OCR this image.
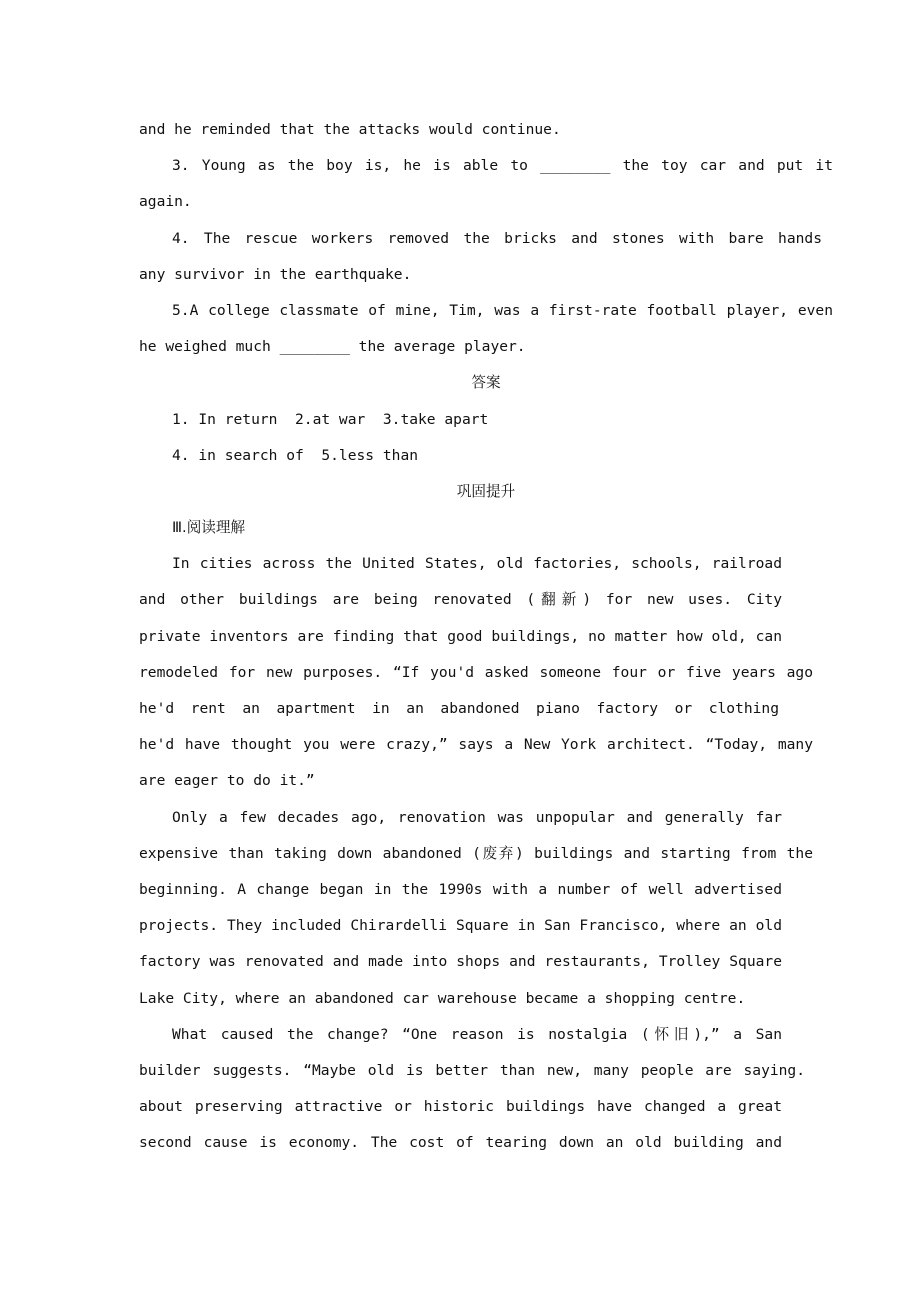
and he reminded that the attacks would continue.
3. Young as the boy is, he is able to ________ the toy car and put it
again.
4. The rescue workers removed the bricks and stones with bare hands
any survivor in the earthquake.
5.A college classmate of mine, Tim, was a first-rate football player, even
he weighed much ________ the average player.
答案
1. In return  2.at war  3.take apart
4. in search of  5.less than
巩固提升
Ⅲ.阅读理解
In cities across the United States, old factories, schools, railroad
and other buildings are being renovated (翻新) for new uses. City
private inventors are finding that good buildings, no matter how old, can
remodeled for new purposes. “If you'd asked someone four or five years ago
he'd rent an apartment in an abandoned piano factory or clothing
he'd have thought you were crazy,” says a New York architect. “Today, many
are eager to do it.”
Only a few decades ago, renovation was unpopular and generally far
expensive than taking down abandoned (废弃) buildings and starting from the
beginning. A change began in the 1990s with a number of well advertised
projects. They included Chirardelli Square in San Francisco, where an old
factory was renovated and made into shops and restaurants, Trolley Square
Lake City, where an abandoned car warehouse became a shopping centre.
What caused the change? “One reason is nostalgia (怀旧),” a San
builder suggests. “Maybe old is better than new, many people are saying.
about preserving attractive or historic buildings have changed a great
second cause is economy. The cost of tearing down an old building and
